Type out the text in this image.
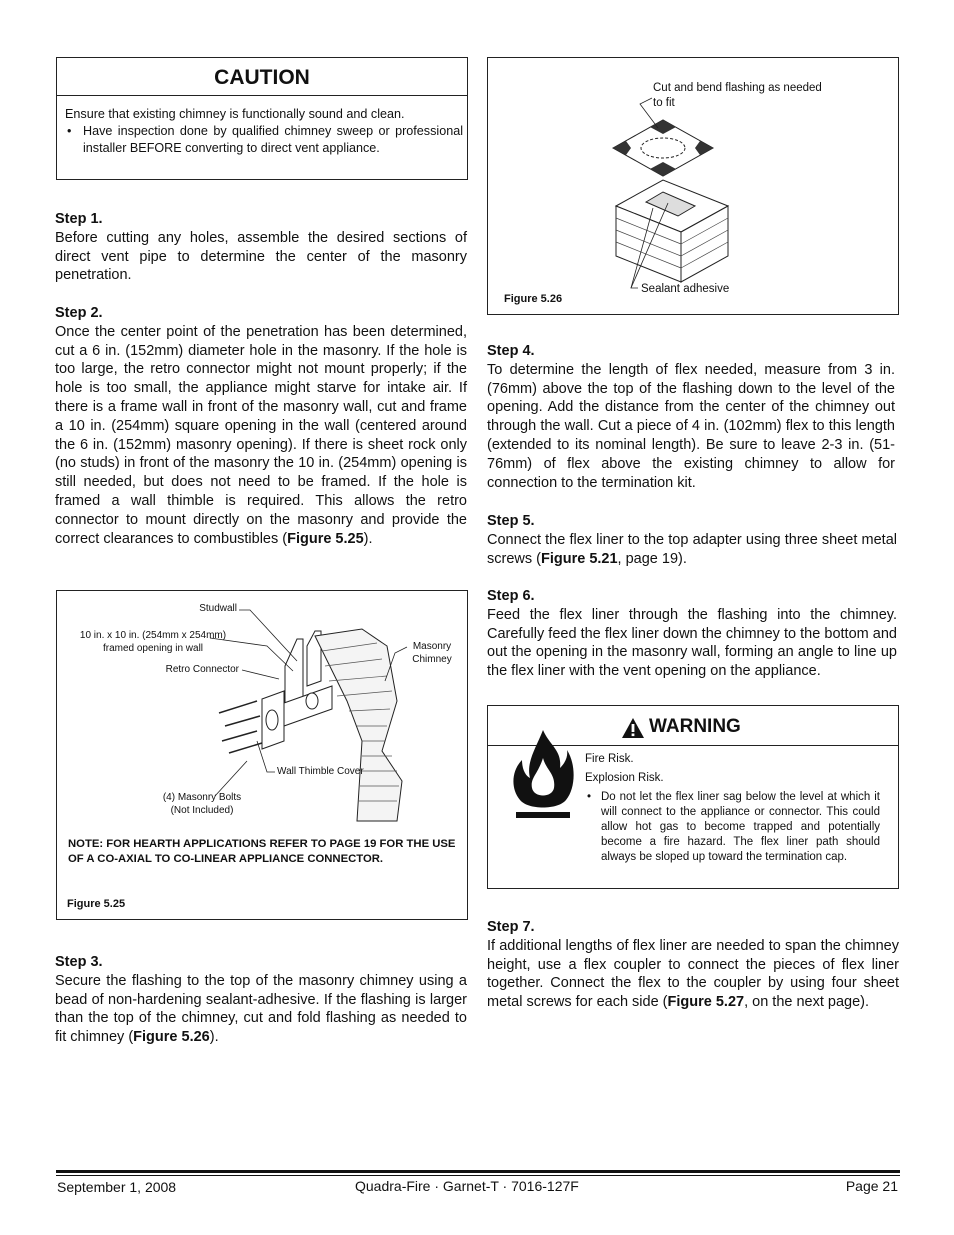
CAUTION
Ensure that existing chimney is functionally sound and clean.
• Have inspection done by qualified chimney sweep or professional installer BEFORE converting to direct vent appliance.
Step 1.
Before cutting any holes, assemble the desired sections of direct vent pipe to determine the center of the masonry penetration.
Step 2.
Once the center point of the penetration has been determined, cut a 6 in. (152mm) diameter hole in the masonry. If the hole is too large, the retro connector might not mount properly; if the hole is too small, the appliance might starve for intake air. If there is a frame wall in front of the masonry wall, cut and frame a 10 in. (254mm) square opening in the wall (centered around the 6 in. (152mm) masonry opening). If there is sheet rock only (no studs) in front of the masonry the 10 in. (254mm) opening is still needed, but does not need to be framed. If the hole is framed a wall thimble is required. This allows the retro connector to mount directly on the masonry and provide the correct clearances to combustibles (Figure 5.25).
Studwall
10 in. x 10 in. (254mm x 254mm)
framed opening in wall
Retro Connector
Masonry
Chimney
Wall Thimble Cover
(4) Masonry Bolts
(Not Included)
NOTE: FOR HEARTH APPLICATIONS REFER TO PAGE 19 FOR THE USE OF A CO-AXIAL TO CO-LINEAR APPLIANCE CONNECTOR.
Figure 5.25
Step 3.
Secure the flashing to the top of the masonry chimney using a bead of non-hardening sealant-adhesive. If the flashing is larger than the top of the chimney, cut and fold flashing as needed to fit chimney (Figure 5.26).
Cut and bend flashing as needed
to fit
Sealant adhesive
Figure 5.26
Step 4.
To determine the length of flex needed, measure from 3 in. (76mm) above the top of the flashing down to the level of the opening. Add the distance from the center of the chimney out through the wall. Cut a piece of 4 in. (102mm) flex to this length (extended to its nominal length). Be sure to leave 2-3 in. (51-76mm) of flex above the existing chimney to allow for connection to the termination kit.
Step 5.
Connect the flex liner to the top adapter using three sheet metal screws (Figure 5.21, page 19).
Step 6.
Feed the flex liner through the flashing into the chimney. Carefully feed the flex liner down the chimney to the bottom and out the opening in the masonry wall, forming an angle to line up the flex liner with the vent opening on the appliance.
WARNING
Fire Risk.
Explosion Risk.
• Do not let the flex liner sag below the level at which it will connect to the appliance or connector. This could allow hot gas to become trapped and potentially become a fire hazard. The flex liner path should always be sloped up toward the termination cap.
Step 7.
If additional lengths of flex liner are needed to span the chimney height, use a flex coupler to connect the pieces of flex liner together. Connect the flex to the coupler by using four sheet metal screws for each side (Figure 5.27, on the next page).
September 1, 2008	Quadra-Fire · Garnet-T · 7016-127F	Page 21
